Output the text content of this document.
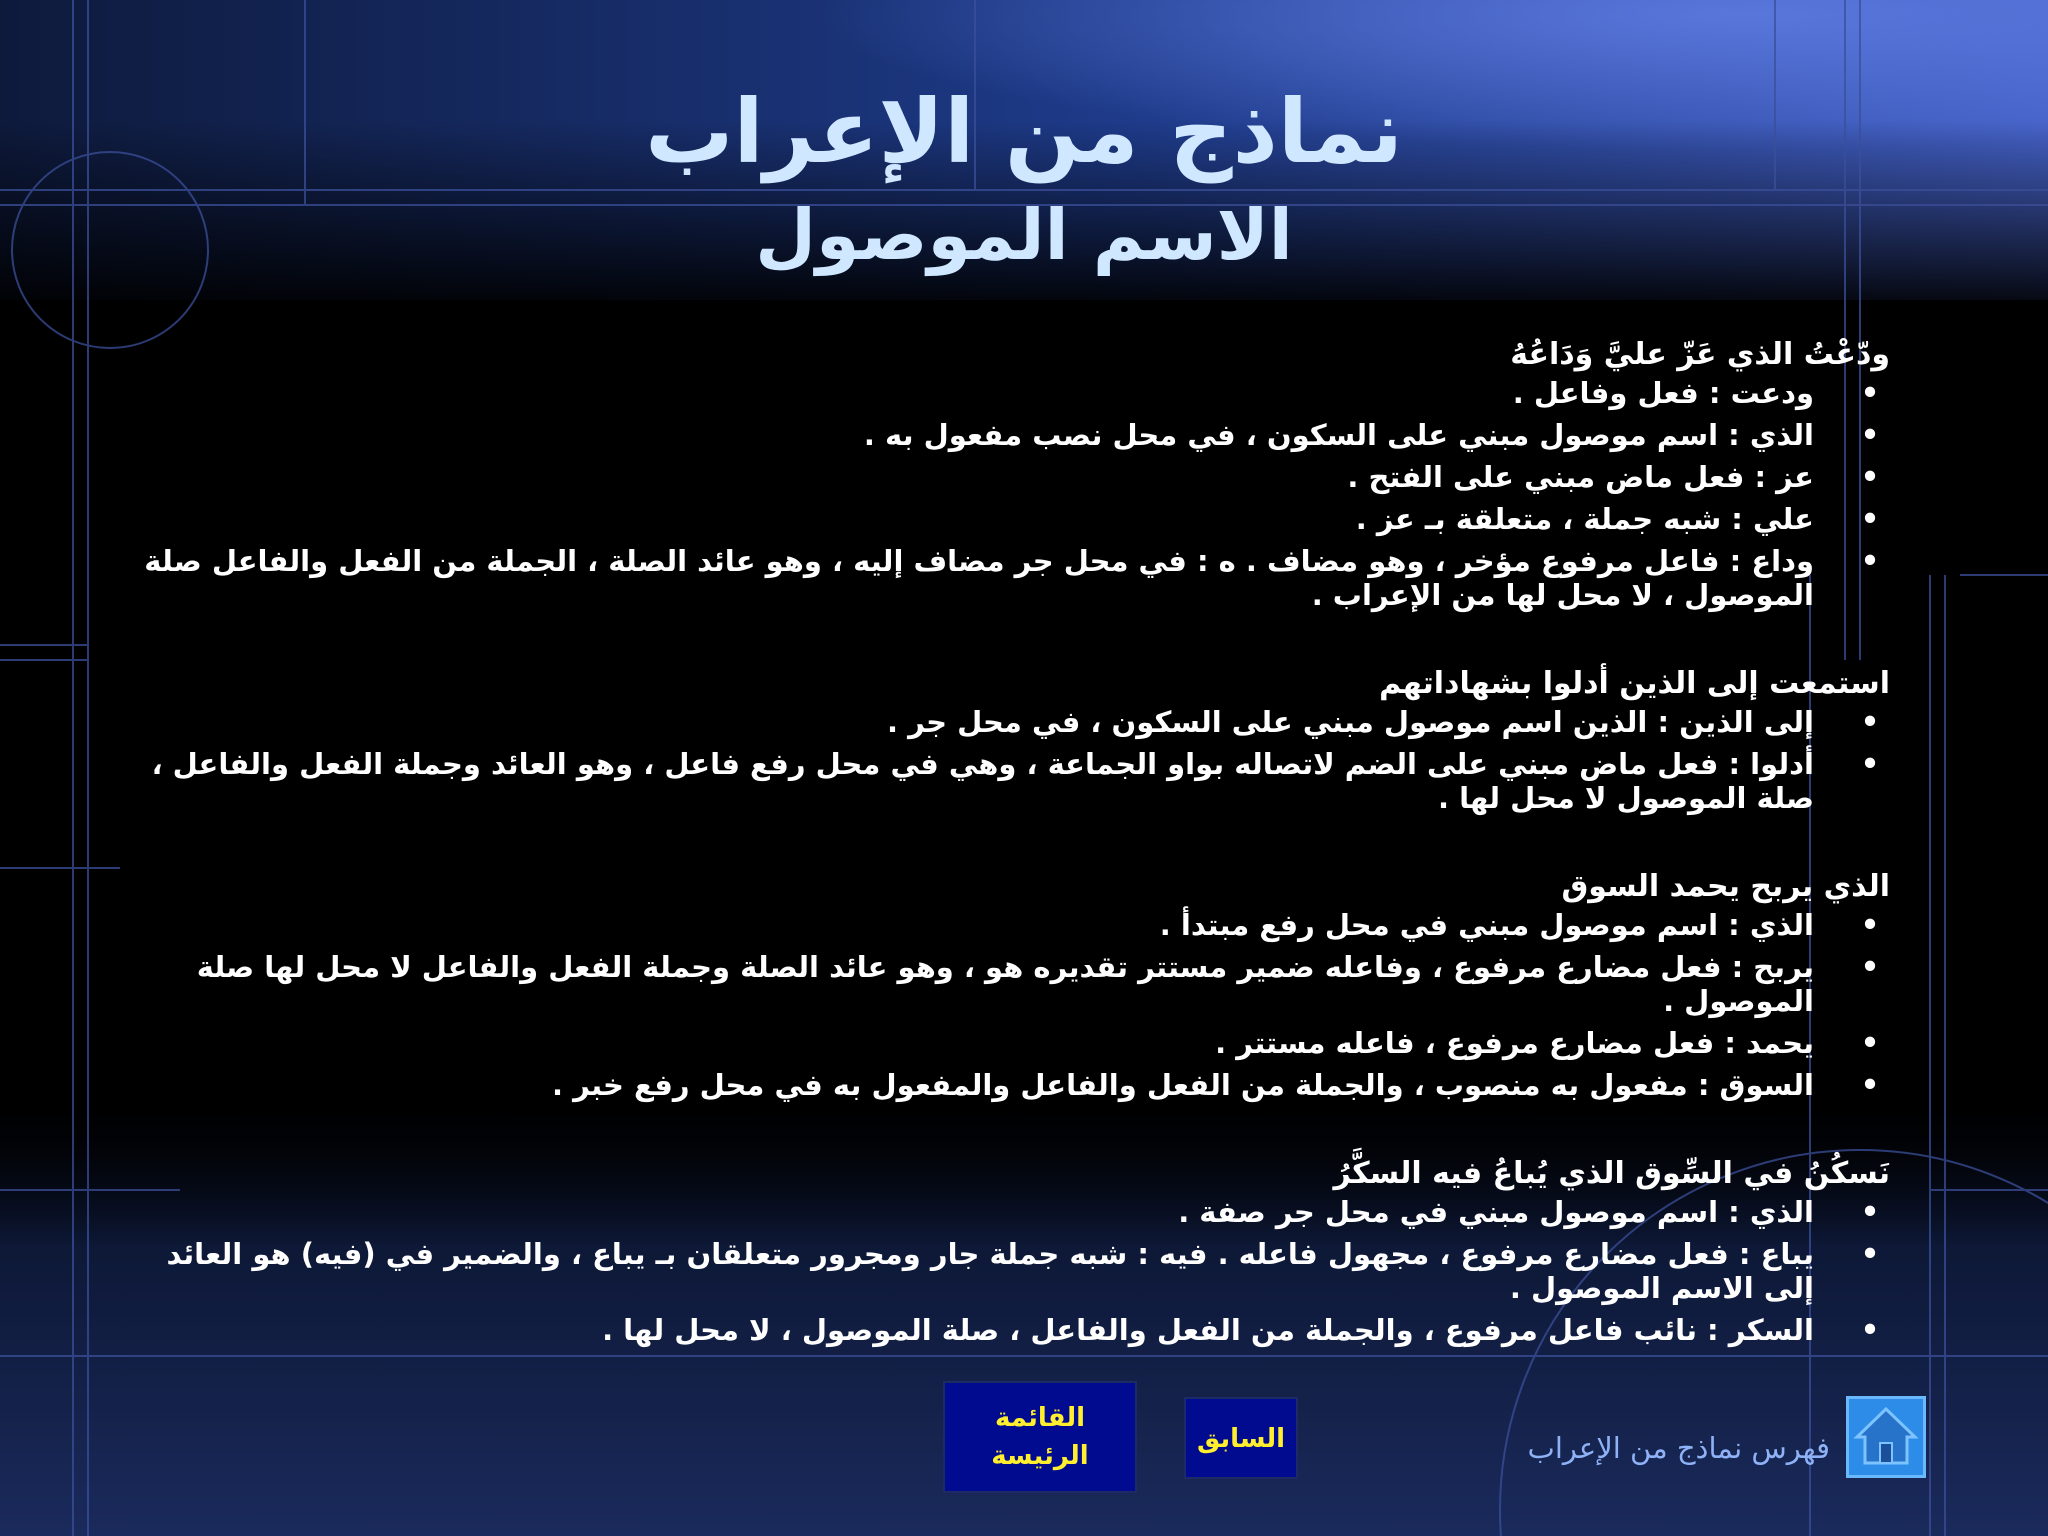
نماذج من الإعراب
الاسم الموصول

ودّعْتُ الذي عَزّ عليَّ وَدَاعُهُ

• ودعت : فعل وفاعل .
• الذي : اسم موصول مبني على السكون ، في محل نصب مفعول به .
• عز : فعل ماض مبني على الفتح .
• علي : شبه جملة ، متعلقة بـ عز .
• وداع : فاعل مرفوع مؤخر ، وهو مضاف . ه : في محل جر مضاف إليه ، وهو عائد الصلة ، الجملة من الفعل والفاعل صلة الموصول ، لا محل لها من الإعراب .

استمعت إلى الذين أدلوا بشهاداتهم

• إلى الذين : الذين اسم موصول مبني على السكون ، في محل جر .
• أدلوا : فعل ماض مبني على الضم لاتصاله بواو الجماعة ، وهي في محل رفع فاعل ، وهو العائد وجملة الفعل والفاعل ، صلة الموصول لا محل لها .

الذي يربح يحمد السوق

• الذي : اسم موصول مبني في محل رفع مبتدأ .
• يربح : فعل مضارع مرفوع ، وفاعله ضمير مستتر تقديره هو ، وهو عائد الصلة وجملة الفعل والفاعل لا محل لها صلة الموصول .
• يحمد : فعل مضارع مرفوع ، فاعله مستتر .
• السوق : مفعول به منصوب ، والجملة من الفعل والفاعل والمفعول به في محل رفع خبر .

نَسكُنُ في السِّوق الذي يُباعُ فيه السكَّرُ

• الذي : اسم موصول مبني في محل جر صفة .
• يباع : فعل مضارع مرفوع ، مجهول فاعله . فيه : شبه جملة جار ومجرور متعلقان بـ يباع ، والضمير في (فيه) هو العائد إلى الاسم الموصول .
• السكر : نائب فاعل مرفوع ، والجملة من الفعل والفاعل ، صلة الموصول ، لا محل لها .
القائمة
الرئيسة
السابق	فهرس نماذج من الإعراب
